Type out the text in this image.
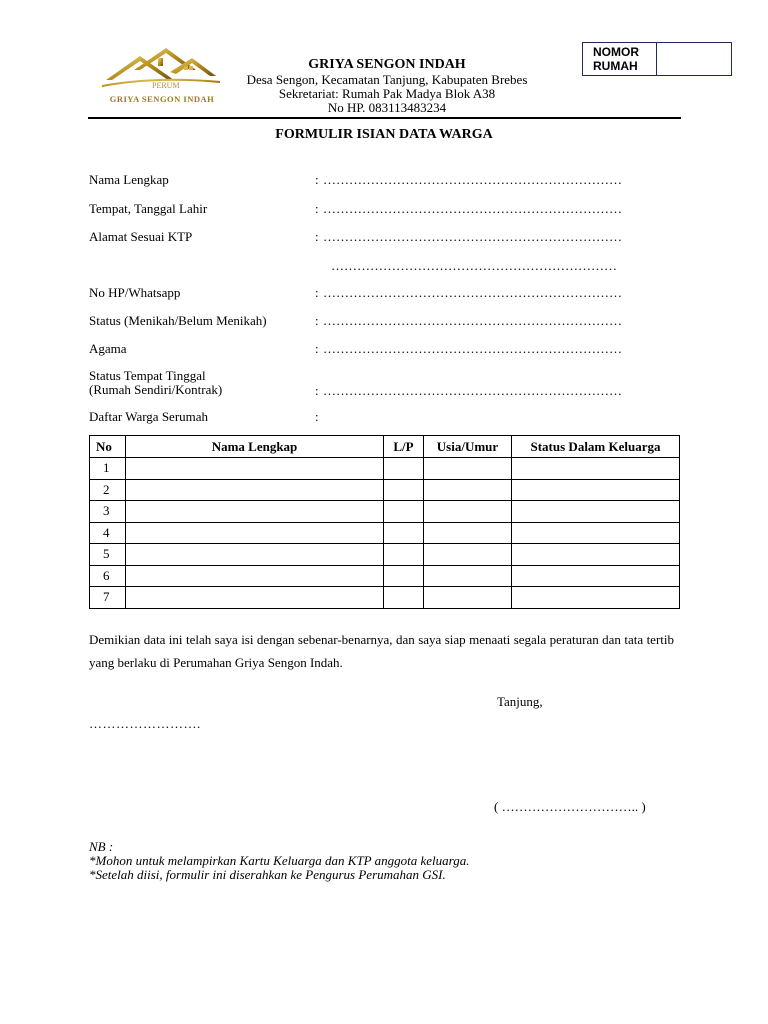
PERUM
GRIYA SENGON INDAH
GRIYA SENGON INDAH
Desa Sengon, Kecamatan Tanjung, Kabupaten Brebes
Sekretariat: Rumah Pak Madya Blok A38
No HP. 083113483234
NOMOR RUMAH
FORMULIR ISIAN DATA WARGA
Nama Lengkap	: ……………………………………………………………
Tempat, Tanggal Lahir	: ……………………………………………………………
Alamat Sesuai KTP	: ……………………………………………………………
…………………………………………………………
No HP/Whatsapp	: ……………………………………………………………
Status (Menikah/Belum Menikah)	: ……………………………………………………………
Agama	: ……………………………………………………………
Status Tempat Tinggal
(Rumah Sendiri/Kontrak)	: ……………………………………………………………
Daftar Warga Serumah	:
No	Nama Lengkap	L/P	Usia/Umur	Status Dalam Keluarga
1				
2				
3				
4				
5				
6				
7				
Demikian data ini telah saya isi dengan sebenar-benarnya, dan saya siap menaati segala peraturan dan tata tertib yang berlaku di Perumahan Griya Sengon Indah.
Tanjung,
…………………….
( ………………………….. )
NB :
*Mohon untuk melampirkan Kartu Keluarga dan KTP anggota keluarga.
*Setelah diisi, formulir ini diserahkan ke Pengurus Perumahan GSI.
